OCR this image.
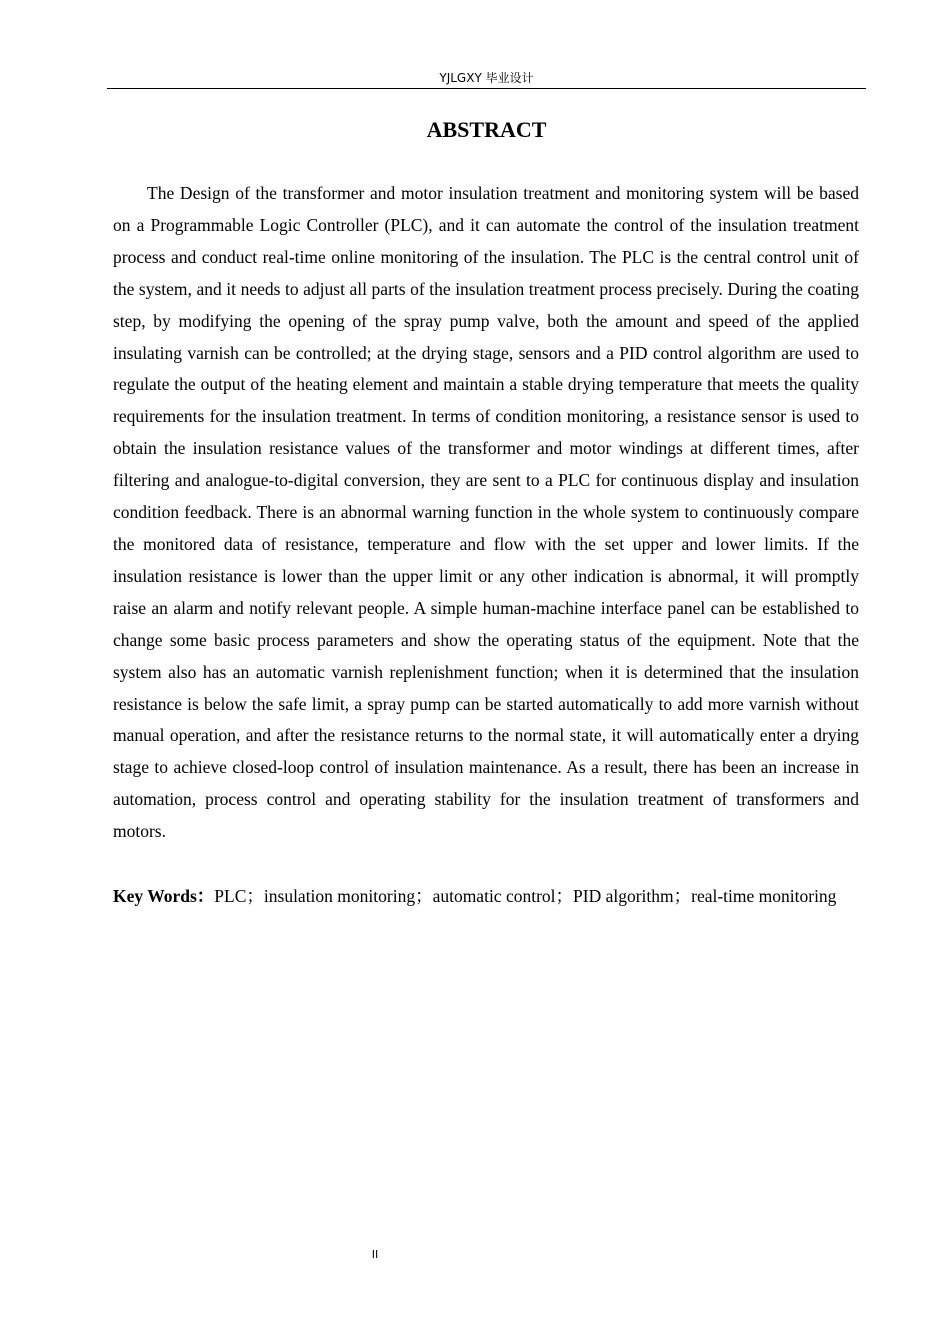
YJLGXY 毕业设计
ABSTRACT

The Design of the transformer and motor insulation treatment and monitoring system will be based on a Programmable Logic Controller (PLC), and it can automate the control of the insulation treatment process and conduct real-time online monitoring of the insulation. The PLC is the central control unit of the system, and it needs to adjust all parts of the insulation treatment process precisely. During the coating step, by modifying the opening of the spray pump valve, both the amount and speed of the applied insulating varnish can be controlled; at the drying stage, sensors and a PID control algorithm are used to regulate the output of the heating element and maintain a stable drying temperature that meets the quality requirements for the insulation treatment. In terms of condition monitoring, a resistance sensor is used to obtain the insulation resistance values of the transformer and motor windings at different times, after filtering and analogue-to-digital conversion, they are sent to a PLC for continuous display and insulation condition feedback. There is an abnormal warning function in the whole system to continuously compare the monitored data of resistance, temperature and flow with the set upper and lower limits. If the insulation resistance is lower than the upper limit or any other indication is abnormal, it will promptly raise an alarm and notify relevant people. A simple human-machine interface panel can be established to change some basic process parameters and show the operating status of the equipment. Note that the system also has an automatic varnish replenishment function; when it is determined that the insulation resistance is below the safe limit, a spray pump can be started automatically to add more varnish without manual operation, and after the resistance returns to the normal state, it will automatically enter a drying stage to achieve closed-loop control of insulation maintenance. As a result, there has been an increase in automation, process control and operating stability for the insulation treatment of transformers and motors.

Key Words：PLC；insulation monitoring；automatic control；PID algorithm；real-time monitoring

II
